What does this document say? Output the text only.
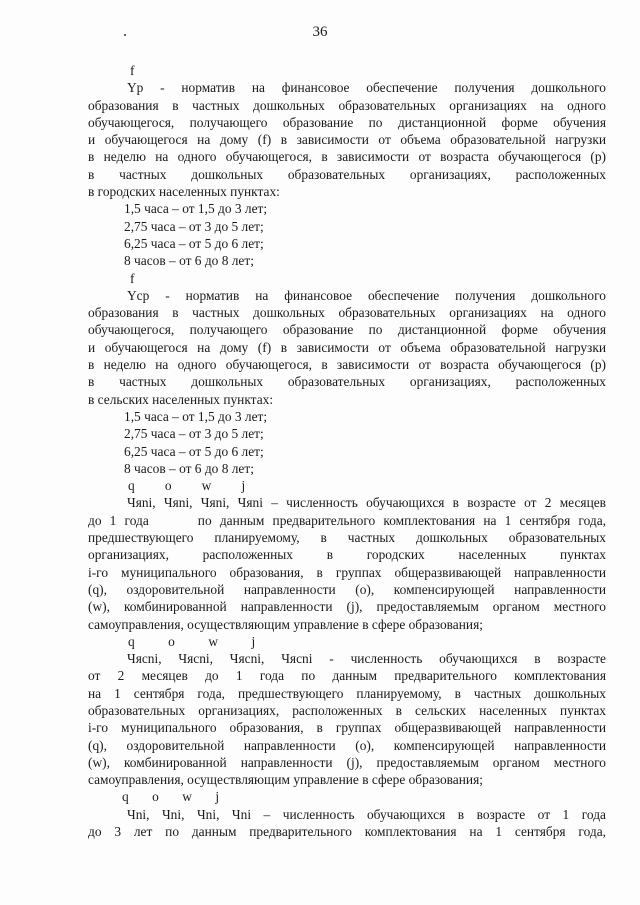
36
f
Yр - норматив на финансовое обеспечение получения дошкольного
образования в частных дошкольных образовательных организациях на одного
обучающегося, получающего образование по дистанционной форме обучения
и обучающегося на дому (f) в зависимости от объема образовательной нагрузки
в неделю на одного обучающегося, в зависимости от возраста обучающегося (р)
в частных дошкольных образовательных организациях, расположенных
в городских населенных пунктах:
1,5 часа – от 1,5 до 3 лет;
2,75 часа – от 3 до 5 лет;
6,25 часа – от 5 до 6 лет;
8 часов – от 6 до 8 лет;
f
Yср - норматив на финансовое обеспечение получения дошкольного
образования в частных дошкольных образовательных организациях на одного
обучающегося, получающего образование по дистанционной форме обучения
и обучающегося на дому (f) в зависимости от объема образовательной нагрузки
в неделю на одного обучающегося, в зависимости от возраста обучающегося (р)
в частных дошкольных образовательных организациях, расположенных
в сельских населенных пунктах:
1,5 часа – от 1,5 до 3 лет;
2,75 часа – от 3 до 5 лет;
6,25 часа – от 5 до 6 лет;
8 часов – от 6 до 8 лет;
q         o         w         j
Чяni, Чяni, Чяni, Чяni – численность обучающихся в возрасте от 2 месяцев
до 1 года      по данным предварительного комплектования на 1 сентября года,
предшествующего планируемому, в частных дошкольных образовательных
организациях, расположенных в городских населенных пунктах
i-го муниципального образования, в группах общеразвивающей направленности
(q), оздоровительной направленности (о), компенсирующей направленности
(w), комбинированной направленности (j), предоставляемым органом местного
самоуправления, осуществляющим управление в сфере образования;
q          o          w          j
Чясni, Чясni, Чясni, Чясni - численность обучающихся в возрасте
от 2 месяцев до 1 года по данным предварительного комплектования
на 1 сентября года, предшествующего планируемому, в частных дошкольных
образовательных организациях, расположенных в сельских населенных пунктах
i-го муниципального образования, в группах общеразвивающей направленности
(q), оздоровительной направленности (о), компенсирующей направленности
(w), комбинированной направленности (j), предоставляемым органом местного
самоуправления, осуществляющим управление в сфере образования;
q       o       w       j
Чni, Чni, Чni, Чni – численность обучающихся в возрасте от 1 года
до 3 лет по данным предварительного комплектования на 1 сентября года,
